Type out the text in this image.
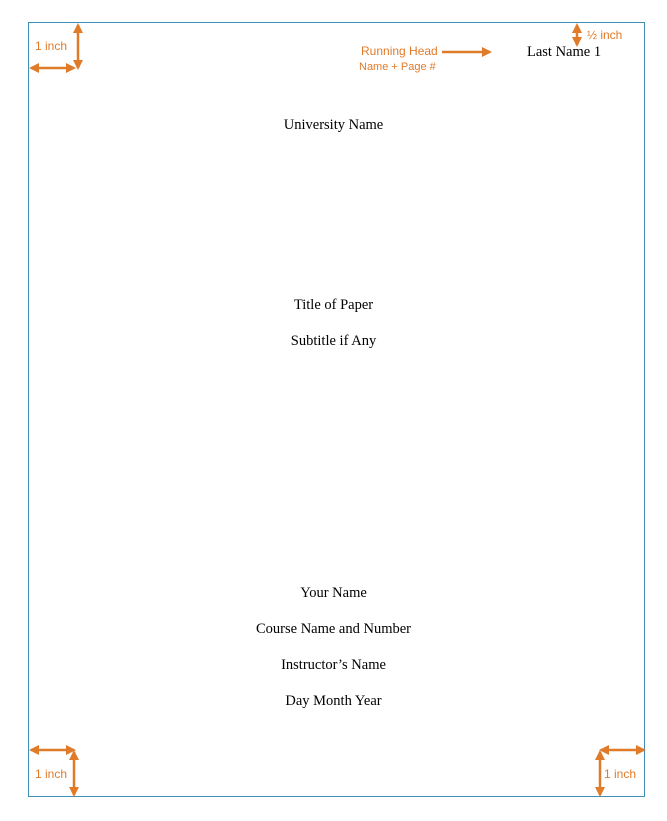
Last Name 1
University Name
Title of Paper
Subtitle if Any
Your Name
Course Name and Number
Instructor’s Name
Day Month Year
1 inch	Running Head
Name + Page #
½ inch
1 inch	1 inch
